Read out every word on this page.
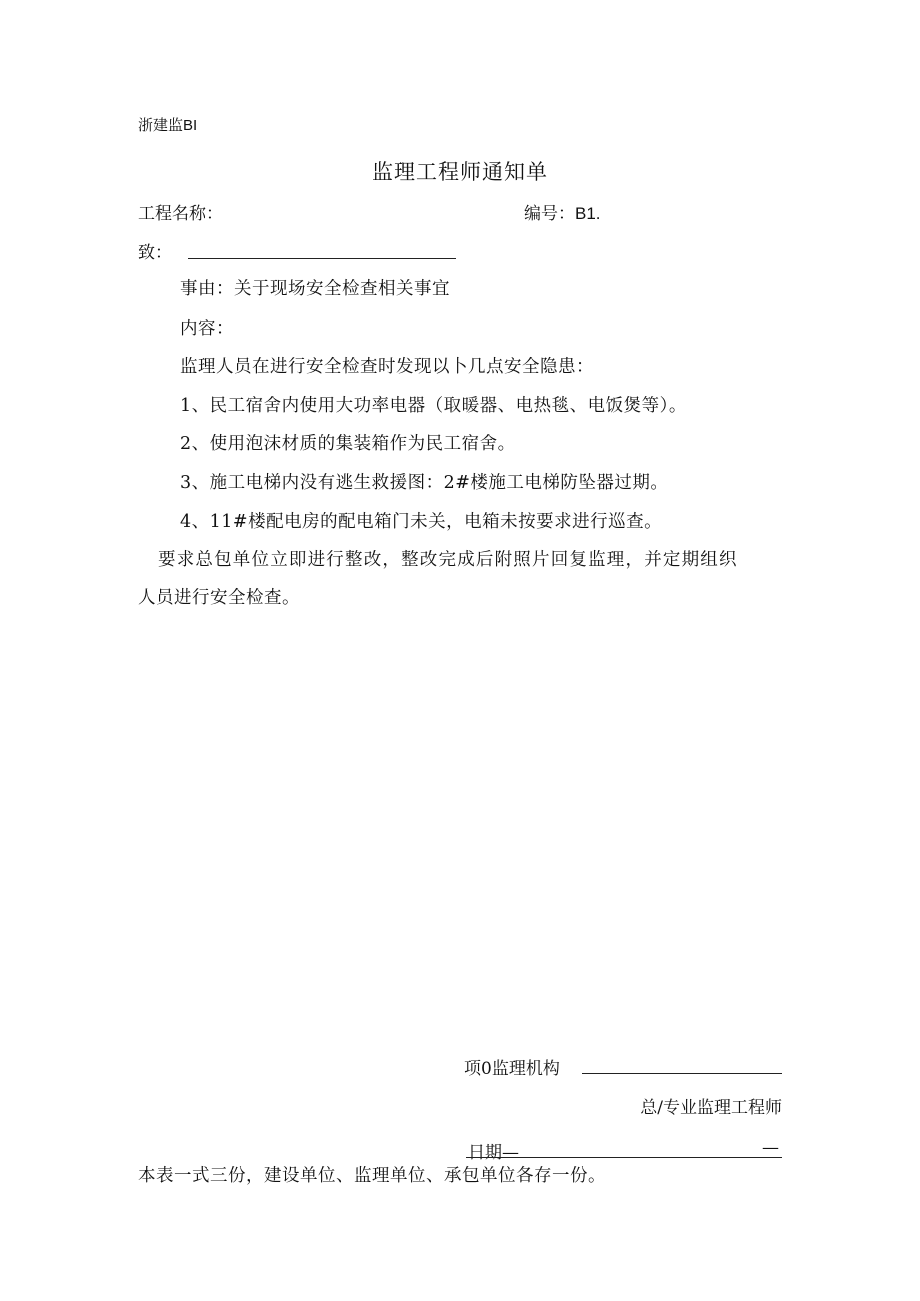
浙建监BI
监理工程师通知单
工程名称：	编号：B1.
致：
事由：关于现场安全检查相关事宜
内容：
监理人员在进行安全检查时发现以卜几点安全隐患：
1、民工宿舍内使用大功率电器（取暖器、电热毯、电饭煲等）。
2、使用泡沫材质的集装箱作为民工宿舍。
3、施工电梯内没有逃生救援图：2#楼施工电梯防坠器过期。
4、11#楼配电房的配电箱门未关，电箱未按要求进行巡查。
要求总包单位立即进行整改，整改完成后附照片回复监理，并定期组织
人员进行安全检查。
项0监理机构
总/专业监理工程师
日期—	—
本表一式三份，建设单位、监理单位、承包单位各存一份。
